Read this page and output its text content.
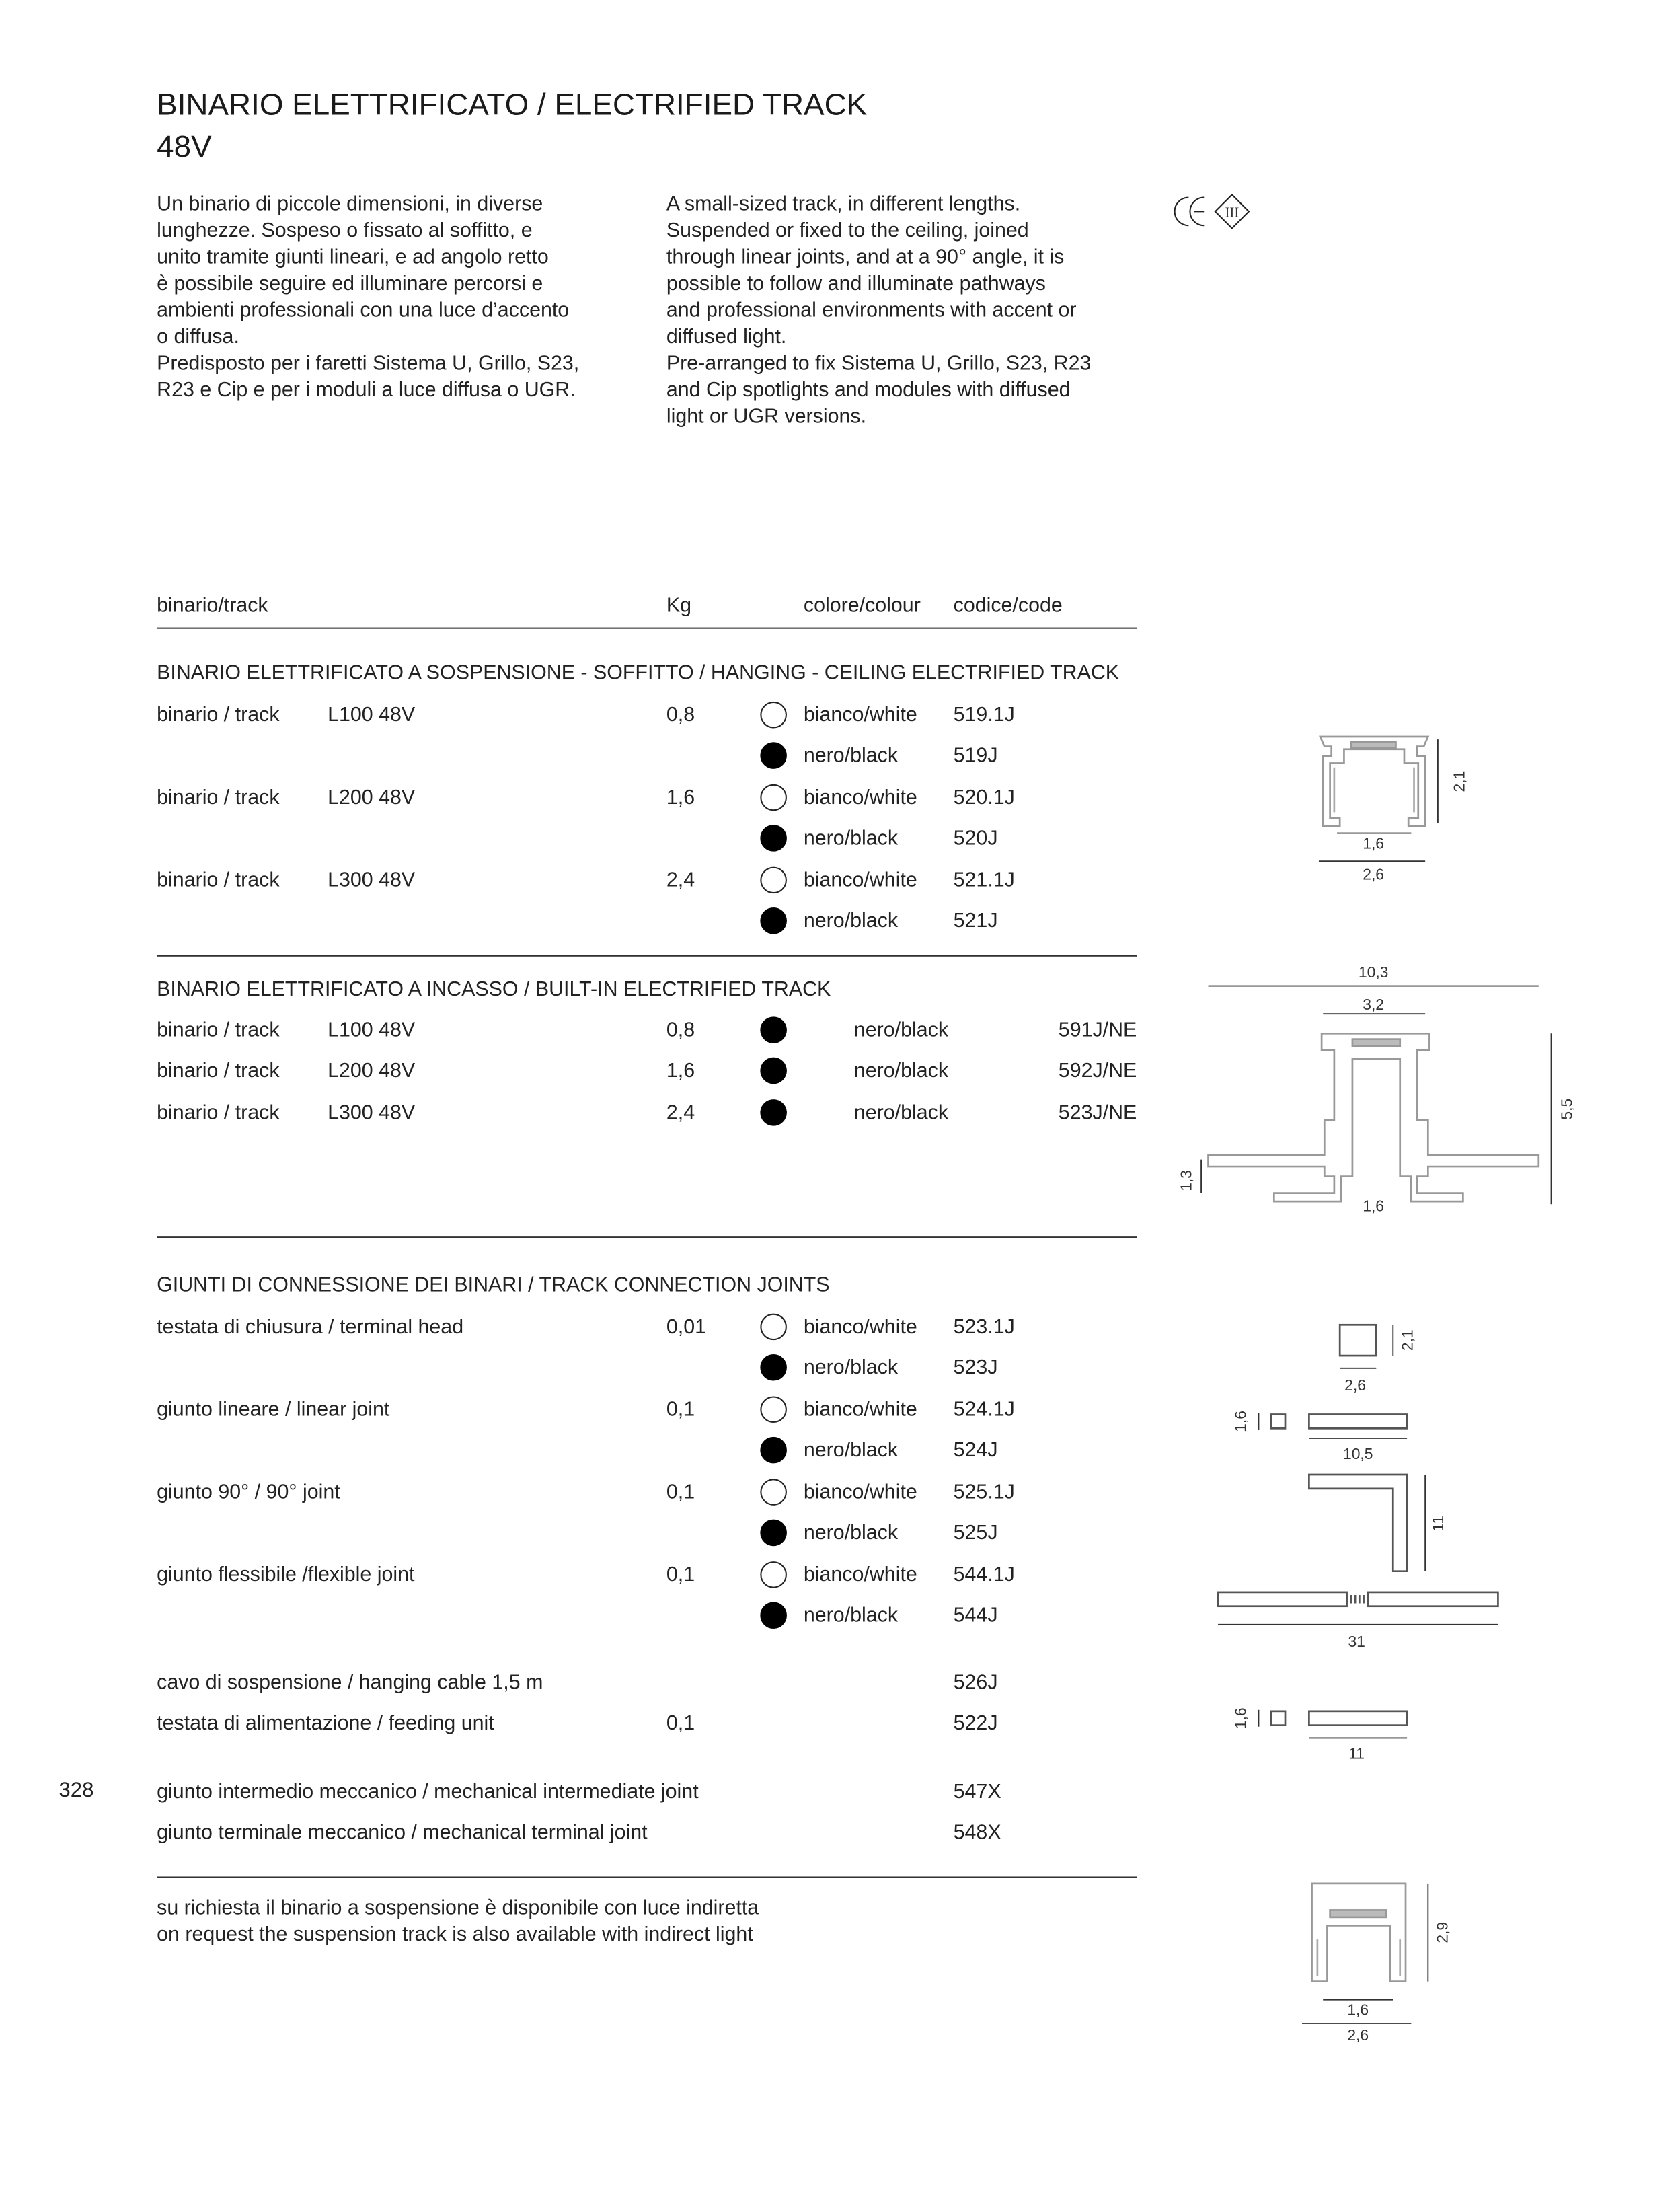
BINARIO ELETTRIFICATO / ELECTRIFIED TRACK
48V
Un binario di piccole dimensioni, in diverse
lunghezze. Sospeso o fissato al soffitto, e
unito tramite giunti lineari, e ad angolo retto
è possibile seguire ed illuminare percorsi e
ambienti professionali con una luce d’accento
o diffusa.
Predisposto per i faretti Sistema U, Grillo, S23,
R23 e Cip e per i moduli a luce diffusa o UGR.
A small-sized track, in different lengths.
Suspended or fixed to the ceiling, joined
through linear joints, and at a 90° angle, it is
possible to follow and illuminate pathways
and professional environments with accent or
diffused light.
Pre-arranged to fix Sistema U, Grillo, S23, R23
and Cip spotlights and modules with diffused
light or UGR versions.
III
binario/track	Kg	colore/colour	codice/code
BINARIO ELETTRIFICATO A SOSPENSIONE - SOFFITTO / HANGING - CEILING ELECTRIFIED TRACK
binario / track	L100 48V	0,8	bianco/white	519.1J
nero/black	519J
binario / track	L200 48V	1,6	bianco/white	520.1J
nero/black	520J
binario / track	L300 48V	2,4	bianco/white	521.1J
nero/black	521J
BINARIO ELETTRIFICATO A INCASSO / BUILT-IN ELECTRIFIED TRACK
binario / track	L100 48V	0,8	nero/black	591J/NE
binario / track	L200 48V	1,6	nero/black	592J/NE
binario / track	L300 48V	2,4	nero/black	523J/NE
GIUNTI DI CONNESSIONE DEI BINARI / TRACK CONNECTION JOINTS
testata di chiusura / terminal head	0,01	bianco/white	523.1J
nero/black	523J
giunto lineare / linear joint	0,1	bianco/white	524.1J
nero/black	524J
giunto 90° / 90° joint	0,1	bianco/white	525.1J
nero/black	525J
giunto flessibile /flexible joint	0,1	bianco/white	544.1J
nero/black	544J
cavo di sospensione / hanging cable 1,5 m	526J
testata di alimentazione / feeding unit	0,1	522J
giunto intermedio meccanico / mechanical intermediate joint	547X
giunto terminale meccanico / mechanical terminal joint	548X
328
su richiesta il binario a sospensione è disponibile con luce indiretta
on request the suspension track is also available with indirect light
2,1
1,6
2,6
10,3
3,2
5,5
1,3
1,6
2,1
2,6
1,6
10,5
11
31
1,6
11
2,9
1,6
2,6
